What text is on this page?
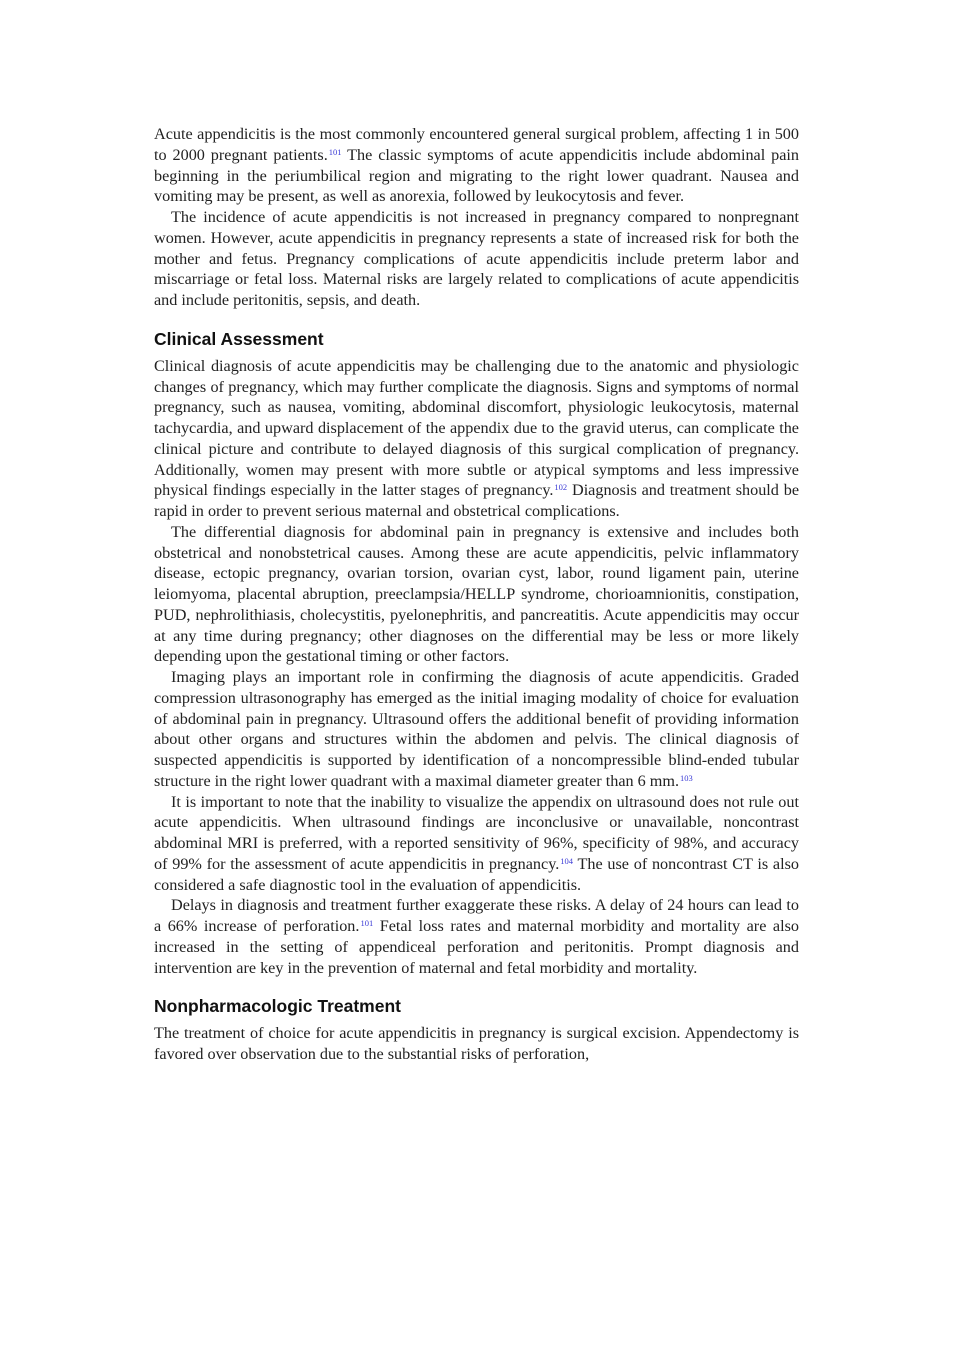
Acute appendicitis is the most commonly encountered general surgical problem, affecting 1 in 500 to 2000 pregnant patients.$^{101}$ The classic symptoms of acute appendicitis include abdominal pain beginning in the periumbilical region and migrating to the right lower quadrant. Nausea and vomiting may be present, as well as anorexia, followed by leukocytosis and fever.

The incidence of acute appendicitis is not increased in pregnancy compared to nonpregnant women. However, acute appendicitis in pregnancy represents a state of increased risk for both the mother and fetus. Pregnancy complications of acute appendicitis include preterm labor and miscarriage or fetal loss. Maternal risks are largely related to complications of acute appendicitis and include peritonitis, sepsis, and death.

Clinical Assessment

Clinical diagnosis of acute appendicitis may be challenging due to the anatomic and physiologic changes of pregnancy, which may further complicate the diagnosis. Signs and symptoms of normal pregnancy, such as nausea, vomiting, abdominal discomfort, physiologic leukocytosis, maternal tachycardia, and upward displacement of the appendix due to the gravid uterus, can complicate the clinical picture and contribute to delayed diagnosis of this surgical complication of pregnancy. Additionally, women may present with more subtle or atypical symptoms and less impressive physical findings especially in the latter stages of pregnancy.$^{102}$ Diagnosis and treatment should be rapid in order to prevent serious maternal and obstetrical complications.

The differential diagnosis for abdominal pain in pregnancy is extensive and includes both obstetrical and nonobstetrical causes. Among these are acute appendicitis, pelvic inflammatory disease, ectopic pregnancy, ovarian torsion, ovarian cyst, labor, round ligament pain, uterine leiomyoma, placental abruption, preeclampsia/HELLP syndrome, chorioamnionitis, constipation, PUD, nephrolithiasis, cholecystitis, pyelonephritis, and pancreatitis. Acute appendicitis may occur at any time during pregnancy; other diagnoses on the differential may be less or more likely depending upon the gestational timing or other factors.

Imaging plays an important role in confirming the diagnosis of acute appendicitis. Graded compression ultrasonography has emerged as the initial imaging modality of choice for evaluation of abdominal pain in pregnancy. Ultrasound offers the additional benefit of providing information about other organs and structures within the abdomen and pelvis. The clinical diagnosis of suspected appendicitis is supported by identification of a noncompressible blind-ended tubular structure in the right lower quadrant with a maximal diameter greater than 6 mm.$^{103}$

It is important to note that the inability to visualize the appendix on ultrasound does not rule out acute appendicitis. When ultrasound findings are inconclusive or unavailable, noncontrast abdominal MRI is preferred, with a reported sensitivity of 96%, specificity of 98%, and accuracy of 99% for the assessment of acute appendicitis in pregnancy.$^{104}$ The use of noncontrast CT is also considered a safe diagnostic tool in the evaluation of appendicitis.

Delays in diagnosis and treatment further exaggerate these risks. A delay of 24 hours can lead to a 66% increase of perforation.$^{101}$ Fetal loss rates and maternal morbidity and mortality are also increased in the setting of appendiceal perforation and peritonitis. Prompt diagnosis and intervention are key in the prevention of maternal and fetal morbidity and mortality.

Nonpharmacologic Treatment

The treatment of choice for acute appendicitis in pregnancy is surgical excision. Appendectomy is favored over observation due to the substantial risks of perforation,
